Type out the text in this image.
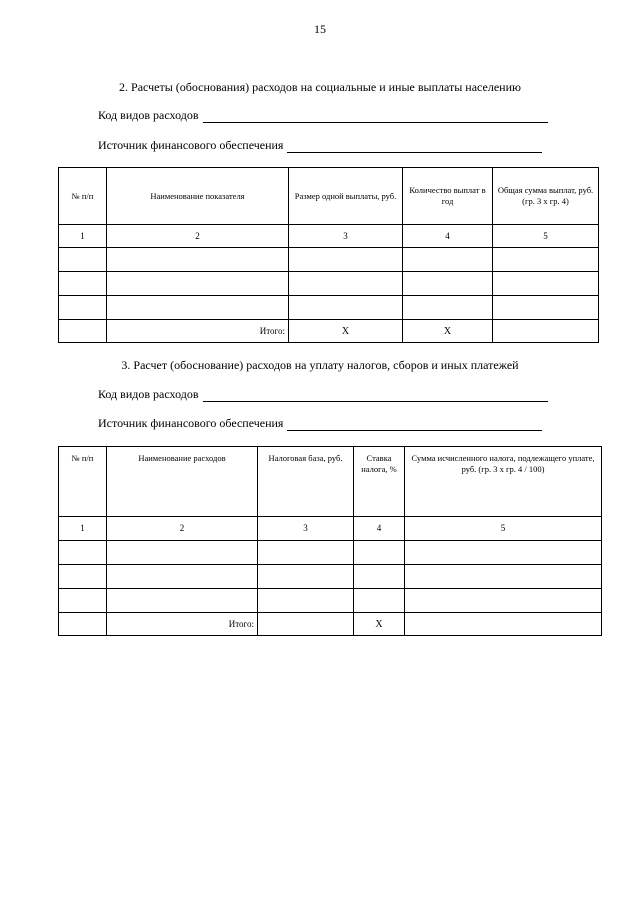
15
2. Расчеты (обоснования) расходов на социальные и иные выплаты населению
Код видов расходов
Источник финансового обеспечения
№ п/п	Наименование показателя	Размер одной выплаты, руб.	Количество выплат в год	Общая сумма выплат, руб. (гр. 3 х гр. 4)
1	2	3	4	5

	Итого:	Х	Х	
3. Расчет (обоснование) расходов на уплату налогов, сборов и иных платежей
Код видов расходов
Источник финансового обеспечения
№ п/п	Наименование расходов	Налоговая база, руб.	Ставка налога, %	Сумма исчисленного налога, подлежащего уплате, руб. (гр. 3 х гр. 4 / 100)
1	2	3	4	5

	Итого:		Х	
